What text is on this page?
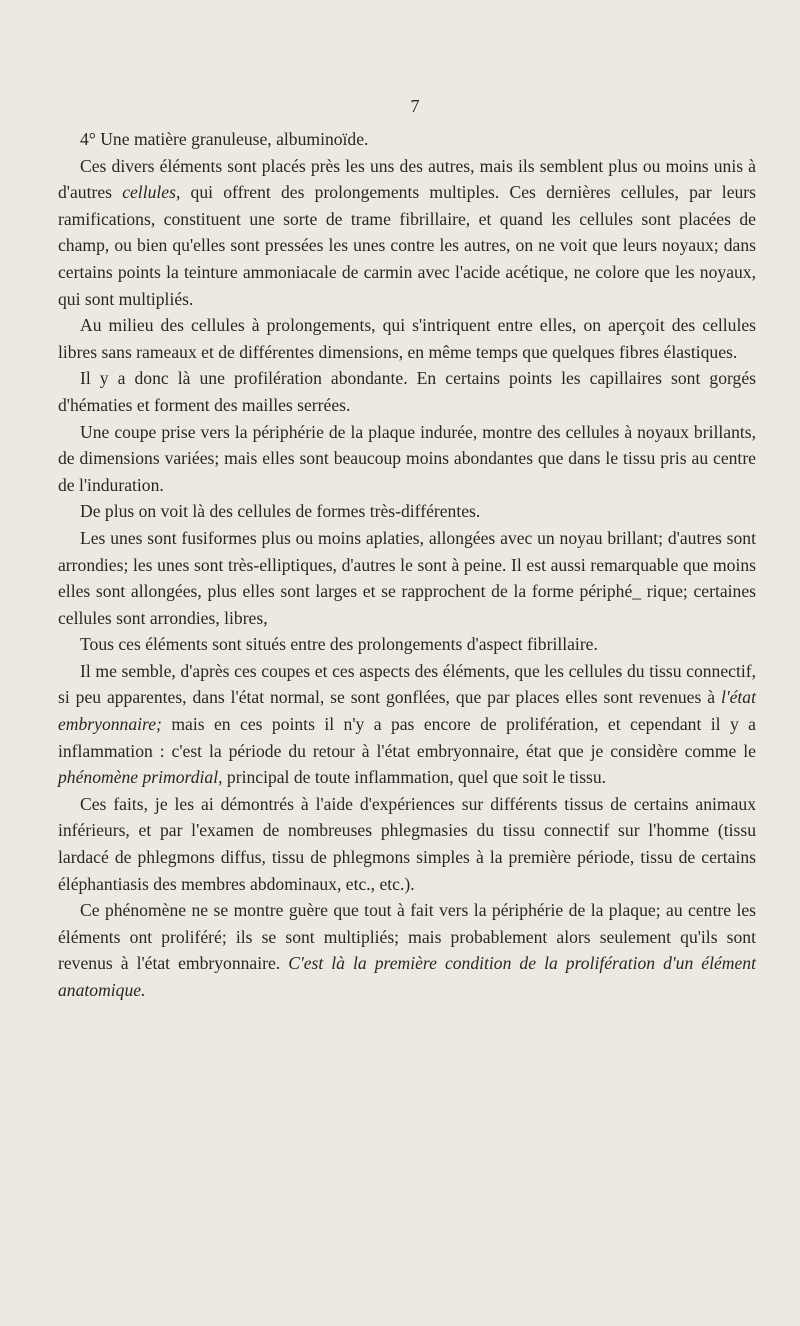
7

4° Une matière granuleuse, albuminoïde.

Ces divers éléments sont placés près les uns des autres, mais ils semblent plus ou moins unis à d'autres cellules, qui offrent des prolongements multiples. Ces dernières cellules, par leurs ramifications, constituent une sorte de trame fibrillaire, et quand les cellules sont placées de champ, ou bien qu'elles sont pressées les unes contre les autres, on ne voit que leurs noyaux; dans certains points la teinture ammoniacale de carmin avec l'acide acétique, ne colore que les noyaux, qui sont multipliés.

Au milieu des cellules à prolongements, qui s'intriquent entre elles, on aperçoit des cellules libres sans rameaux et de différentes dimensions, en même temps que quelques fibres élastiques.

Il y a donc là une profilération abondante. En certains points les capillaires sont gorgés d'hématies et forment des mailles serrées.

Une coupe prise vers la périphérie de la plaque indurée, montre des cellules à noyaux brillants, de dimensions variées; mais elles sont beaucoup moins abondantes que dans le tissu pris au centre de l'induration.

De plus on voit là des cellules de formes très-différentes.

Les unes sont fusiformes plus ou moins aplaties, allongées avec un noyau brillant; d'autres sont arrondies; les unes sont très-elliptiques, d'autres le sont à peine. Il est aussi remarquable que moins elles sont allongées, plus elles sont larges et se rapprochent de la forme périphé_ rique; certaines cellules sont arrondies, libres,

Tous ces éléments sont situés entre des prolongements d'aspect fibrillaire.

Il me semble, d'après ces coupes et ces aspects des éléments, que les cellules du tissu connectif, si peu apparentes, dans l'état normal, se sont gonflées, que par places elles sont revenues à l'état embryonnaire; mais en ces points il n'y a pas encore de prolifération, et cependant il y a inflammation : c'est la période du retour à l'état embryonnaire, état que je considère comme le phénomène primordial, principal de toute inflammation, quel que soit le tissu.

Ces faits, je les ai démontrés à l'aide d'expériences sur différents tissus de certains animaux inférieurs, et par l'examen de nombreuses phlegmasies du tissu connectif sur l'homme (tissu lardacé de phlegmons diffus, tissu de phlegmons simples à la première période, tissu de certains éléphantiasis des membres abdominaux, etc., etc.).

Ce phénomène ne se montre guère que tout à fait vers la périphérie de la plaque; au centre les éléments ont proliféré; ils se sont multipliés; mais probablement alors seulement qu'ils sont revenus à l'état embryonnaire. C'est là la première condition de la prolifération d'un élément anatomique.
